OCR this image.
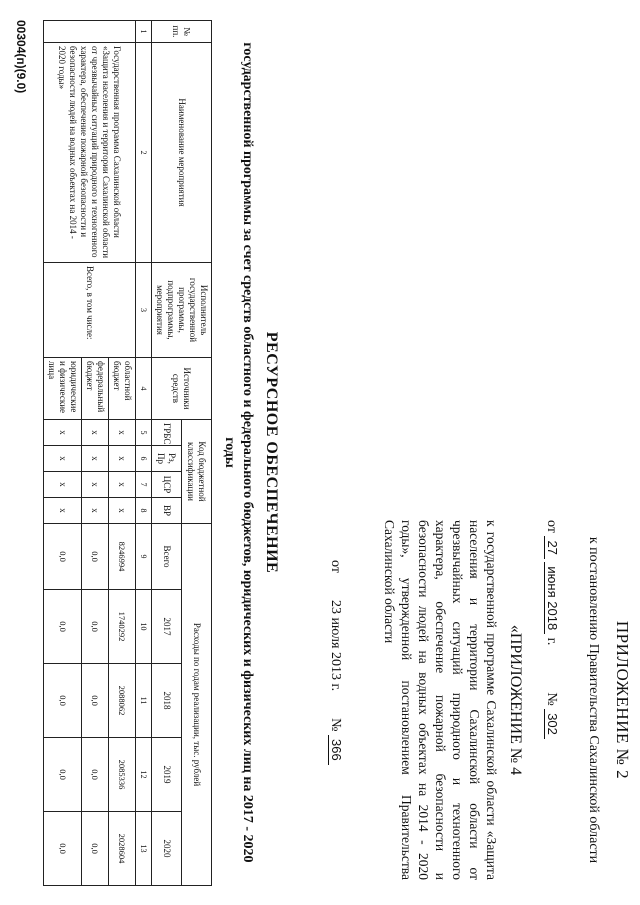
ПРИЛОЖЕНИЕ № 2
к постановлению Правительства Сахалинской области
от 27 июня 2018 г.  № 302
«ПРИЛОЖЕНИЕ № 4
к государственной программе Сахалинской области «Защита населения и территории Сахалинской области от чрезвычайных ситуаций природного и техногенного характера, обеспечение пожарной безопасности и безопасности людей на водных объектах на 2014 - 2020 годы», утвержденной постановлением Правительства Сахалинской области
от  23 июля 2013 г.  № 366
РЕСУРСНОЕ ОБЕСПЕЧЕНИЕ
государственной программы за счет средств областного и федерального бюджетов, юридических и физических лиц на 2017 - 2020 годы
№ пп.	Наименование мероприятия	Исполнитель государственной программы, подпрограммы, мероприятия	Источники средств	Код бюджетной классификации				Расходы по годам реализации, тыс. рублей				
				ГРБС	Рз, Пр	ЦСР	ВР	Всего	2017	2018	2019	2020
1	2	3	4	5	6	7	8	9	10	11	12	13
	Государственная программа Сахалинской области «Защита населения и территории Сахалинской области от чрезвычайных ситуаций природного и техногенного характера, обеспечение пожарной безопасности и безопасности людей на водных объектах на 2014 - 2020 годы»	Всего, в том числе:	областной бюджет	x	x	x	x	8246994	1740292	2088062	2085336	2028604
			федеральный бюджет	x	x	x	x	0,0	0,0	0,0	0,0	0,0
			юридические и физические лица	x	x	x	x	0,0	0,0	0,0	0,0	0,0
00304(п)(9.0)
